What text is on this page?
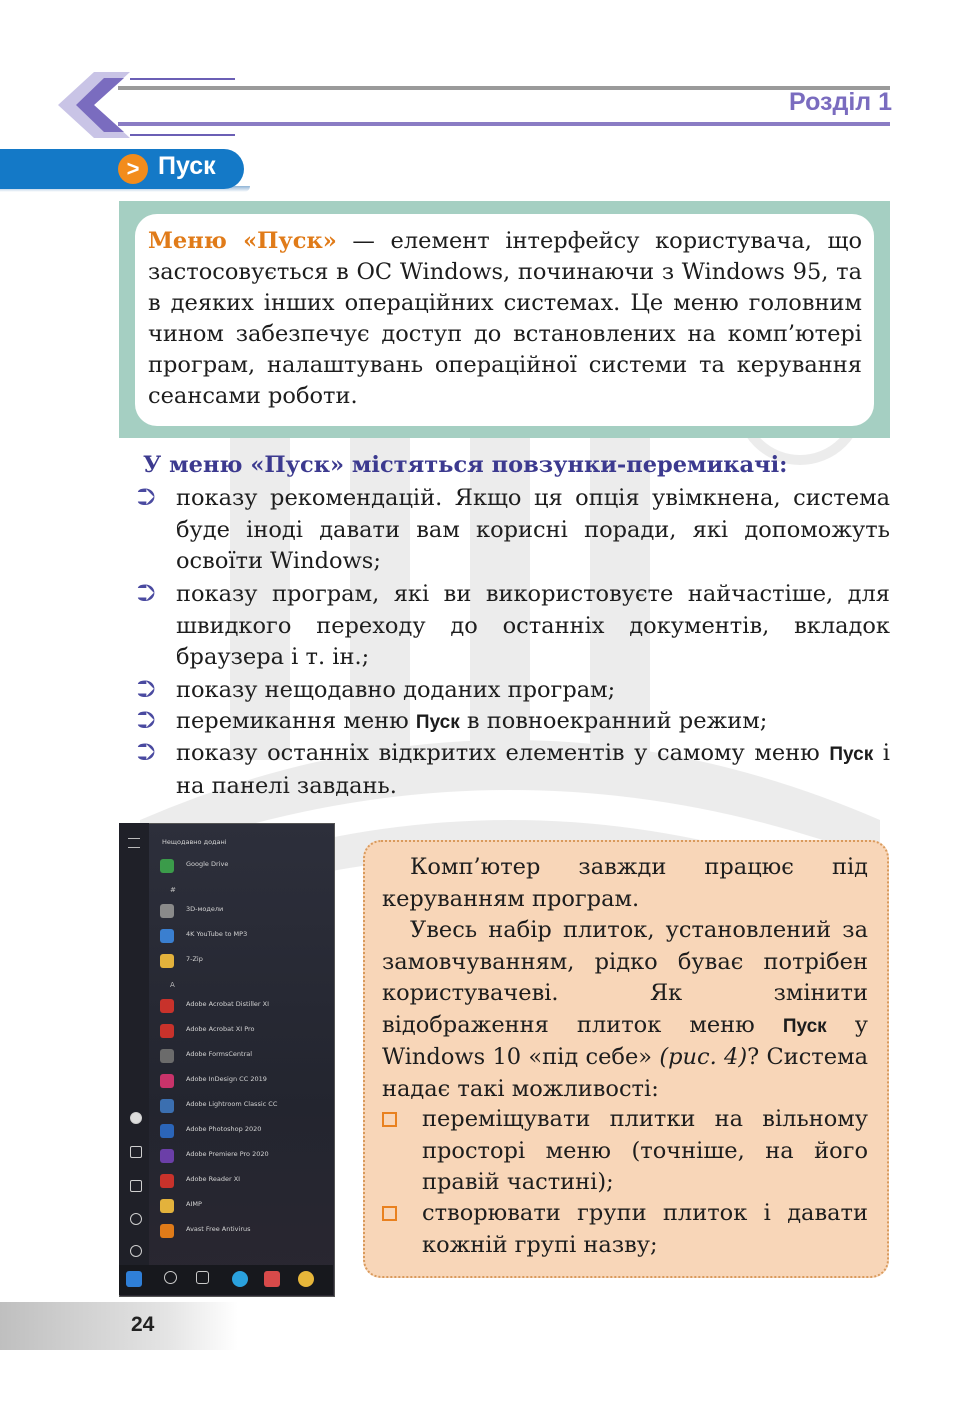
Розділ 1
> Пуск
Меню «Пуск» — елемент інтерфейсу користувача, що застосовується в ОС Windows, починаючи з Windows 95, та в деяких інших операційних системах. Це меню головним чином забезпечує доступ до встановлених на комп’ютері програм, налаштувань операційної системи та керування сеансами роботи.
У меню «Пуск» містяться повзунки-перемикачі:
⮊ показу рекомендацій. Якщо ця опція увімкнена, система буде іноді давати вам корисні поради, які допоможуть освоїти Windows;
⮊ показу програм, які ви використовуєте найчастіше, для швидкого переходу до останніх документів, вкладок браузера і т. ін.;
⮊ показу нещодавно доданих програм;
⮊ перемикання меню Пуск в повноекранний режим;
⮊ показу останніх відкритих елементів у самому меню Пуск і на панелі завдань.
Нещодавно додані
Google Drive
#
3D-модели
4K YouTube to MP3
7-Zip
A
Adobe Acrobat Distiller XI
Adobe Acrobat XI Pro
Adobe FormsCentral
Adobe InDesign CC 2019
Adobe Lightroom Classic CC
Adobe Photoshop 2020
Adobe Premiere Pro 2020
Adobe Reader XI
AIMP
Avast Free Antivirus

Комп’ютер завжди працює під керуванням програм.

Увесь набір плиток, установлений за замовчуванням, рідко буває потрібен користувачеві. Як змінити відображення плиток меню Пуск у Windows 10 «під себе» (рис. 4)? Система надає такі можливості:

переміщувати плитки на вільному просторі меню (точніше, на його правій частині);
створювати групи плиток і давати кожній групі назву;
24
